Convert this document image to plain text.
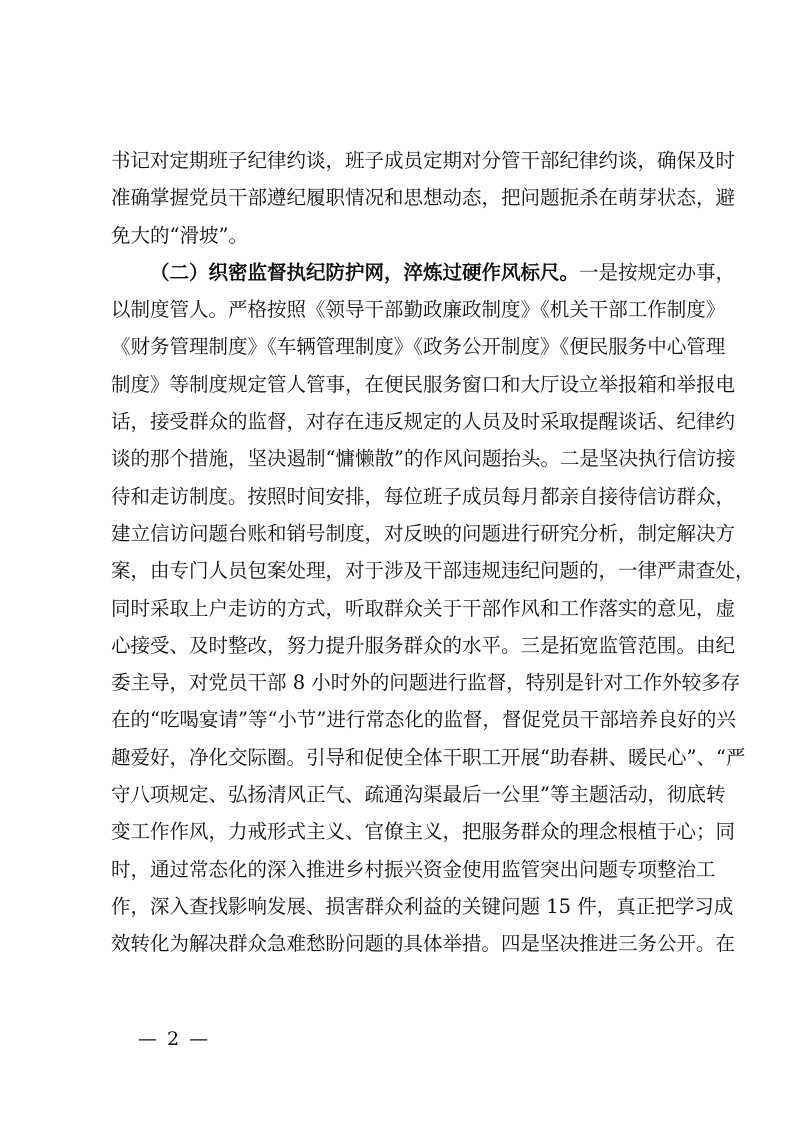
书记对定期班子纪律约谈，班子成员定期对分管干部纪律约谈，确保及时
准确掌握党员干部遵纪履职情况和思想动态，把问题扼杀在萌芽状态，避
免大的“滑坡”。
（二）织密监督执纪防护网，淬炼过硬作风标尺。一是按规定办事，
以制度管人。严格按照《领导干部勤政廉政制度》《机关干部工作制度》
《财务管理制度》《车辆管理制度》《政务公开制度》《便民服务中心管理
制度》等制度规定管人管事，在便民服务窗口和大厅设立举报箱和举报电
话，接受群众的监督，对存在违反规定的人员及时采取提醒谈话、纪律约
谈的那个措施，坚决遏制“慵懒散”的作风问题抬头。二是坚决执行信访接
待和走访制度。按照时间安排，每位班子成员每月都亲自接待信访群众，
建立信访问题台账和销号制度，对反映的问题进行研究分析，制定解决方
案，由专门人员包案处理，对于涉及干部违规违纪问题的，一律严肃查处，
同时采取上户走访的方式，听取群众关于干部作风和工作落实的意见，虚
心接受、及时整改，努力提升服务群众的水平。三是拓宽监管范围。由纪
委主导，对党员干部 8 小时外的问题进行监督，特别是针对工作外较多存
在的“吃喝宴请”等“小节”进行常态化的监督，督促党员干部培养良好的兴
趣爱好，净化交际圈。引导和促使全体干职工开展“助春耕、暖民心”、“严
守八项规定、弘扬清风正气、疏通沟渠最后一公里”等主题活动，彻底转
变工作作风，力戒形式主义、官僚主义，把服务群众的理念根植于心；同
时，通过常态化的深入推进乡村振兴资金使用监管突出问题专项整治工
作，深入查找影响发展、损害群众利益的关键问题 15 件，真正把学习成
效转化为解决群众急难愁盼问题的具体举措。四是坚决推进三务公开。在
— 2 —
